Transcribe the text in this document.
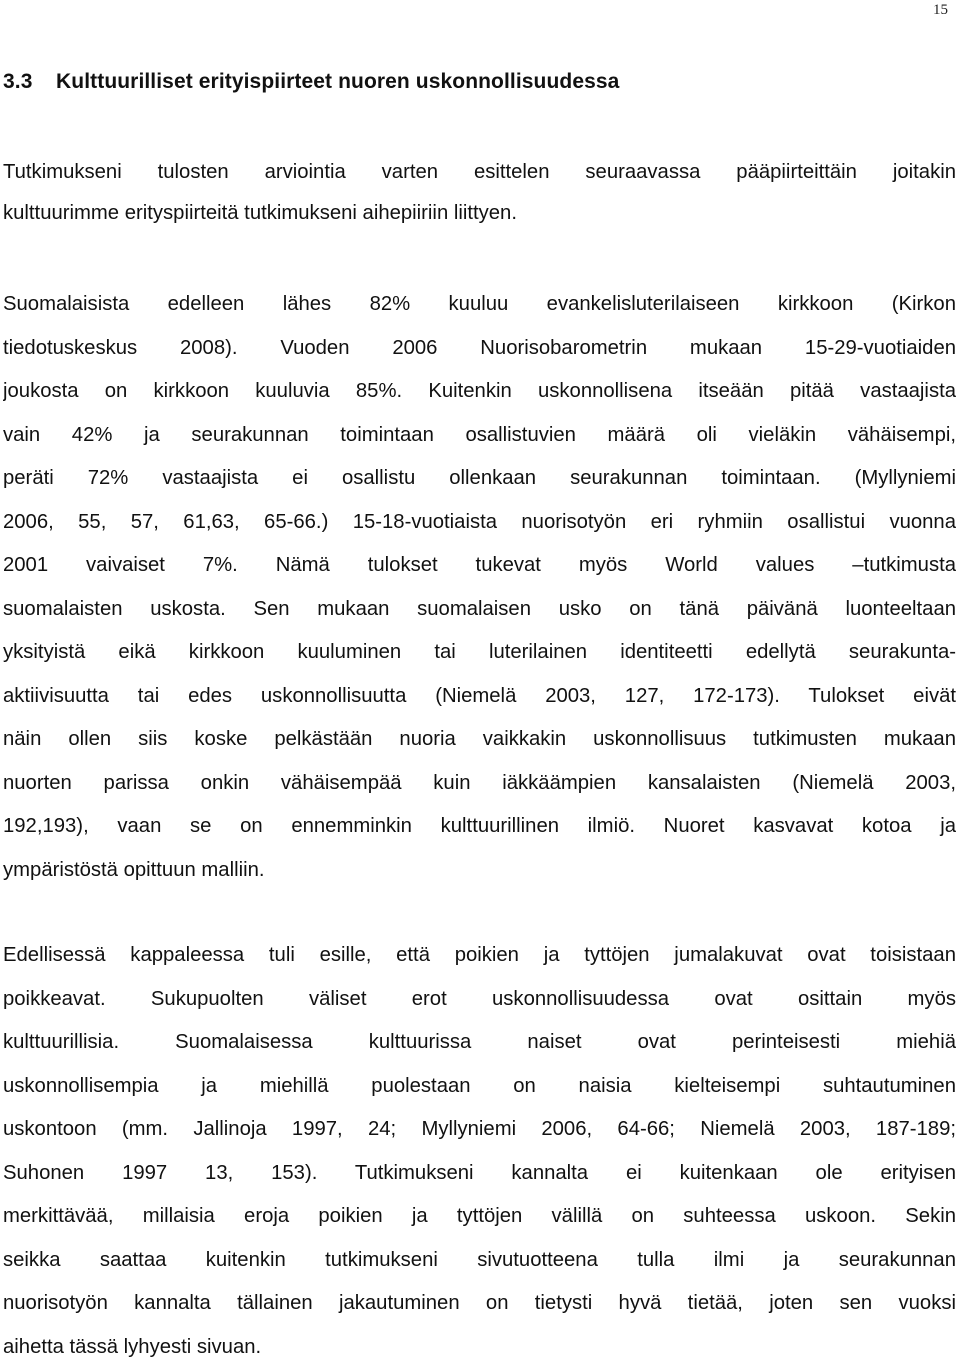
15
3.3 Kulttuurilliset erityispiirteet nuoren uskonnollisuudessa
Tutkimukseni tulosten arviointia varten esittelen seuraavassa pääpiirteittäin joitakin
kulttuurimme erityspiirteitä tutkimukseni aihepiiriin liittyen.
Suomalaisista edelleen lähes 82% kuuluu evankelisluterilaiseen kirkkoon (Kirkon
tiedotuskeskus 2008). Vuoden 2006 Nuorisobarometrin mukaan 15-29-vuotiaiden
joukosta on kirkkoon kuuluvia 85%. Kuitenkin uskonnollisena itseään pitää vastaajista
vain 42% ja seurakunnan toimintaan osallistuvien määrä oli vieläkin vähäisempi,
peräti 72% vastaajista ei osallistu ollenkaan seurakunnan toimintaan. (Myllyniemi
2006, 55, 57, 61,63, 65-66.) 15-18-vuotiaista nuorisotyön eri ryhmiin osallistui vuonna
2001 vaivaiset 7%. Nämä tulokset tukevat myös World values –tutkimusta
suomalaisten uskosta. Sen mukaan suomalaisen usko on tänä päivänä luonteeltaan
yksityistä eikä kirkkoon kuuluminen tai luterilainen identiteetti edellytä seurakunta-
aktiivisuutta tai edes uskonnollisuutta (Niemelä 2003, 127, 172-173). Tulokset eivät
näin ollen siis koske pelkästään nuoria vaikkakin uskonnollisuus tutkimusten mukaan
nuorten parissa onkin vähäisempää kuin iäkkäämpien kansalaisten (Niemelä 2003,
192,193), vaan se on ennemminkin kulttuurillinen ilmiö. Nuoret kasvavat kotoa ja
ympäristöstä opittuun malliin.
Edellisessä kappaleessa tuli esille, että poikien ja tyttöjen jumalakuvat ovat toisistaan
poikkeavat. Sukupuolten väliset erot uskonnollisuudessa ovat osittain myös
kulttuurillisia. Suomalaisessa kulttuurissa naiset ovat perinteisesti miehiä
uskonnollisempia ja miehillä puolestaan on naisia kielteisempi suhtautuminen
uskontoon (mm. Jallinoja 1997, 24; Myllyniemi 2006, 64-66; Niemelä 2003, 187-189;
Suhonen 1997 13, 153). Tutkimukseni kannalta ei kuitenkaan ole erityisen
merkittävää, millaisia eroja poikien ja tyttöjen välillä on suhteessa uskoon. Sekin
seikka saattaa kuitenkin tutkimukseni sivutuotteena tulla ilmi ja seurakunnan
nuorisotyön kannalta tällainen jakautuminen on tietysti hyvä tietää, joten sen vuoksi
aihetta tässä lyhyesti sivuan.
